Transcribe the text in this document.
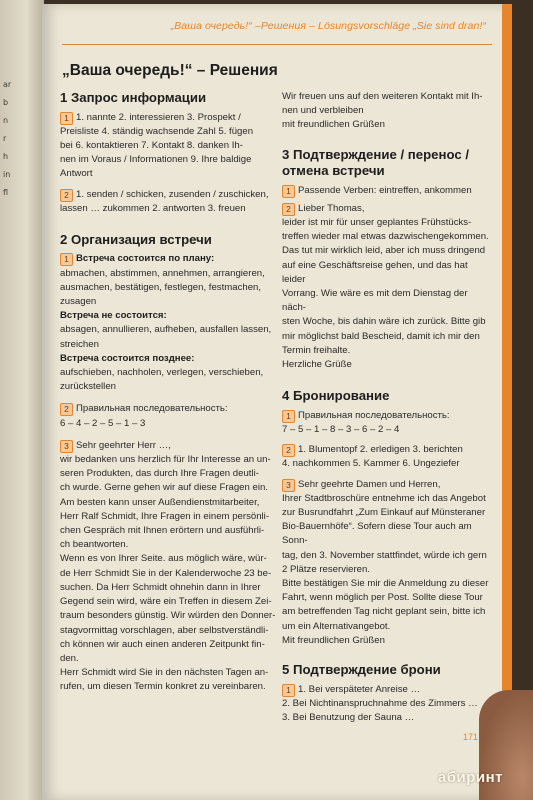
ar
b
n
r
h
in
fl
„Ваша очередь!“ –Решения – Lösungsvorschläge „Sie sind dran!“
„Ваша очередь!“ – Решения
1 Запрос информации

1 1. nannte 2. interessieren 3. Prospekt /

Preisliste 4. ständig wachsende Zahl 5. fügen

bei 6. kontaktieren 7. Kontakt 8. danken Ih-

nen im Voraus / Informationen 9. Ihre baldige

Antwort

2 1. senden / schicken, zusenden / zuschicken,

lassen … zukommen 2. antworten 3. freuen

2 Организация встречи

1 Встреча состоится по плану:

abmachen, abstimmen, annehmen, arrangieren,

ausmachen, bestätigen, festlegen, festmachen,

zusagen

Встреча не состоится:

absagen, annullieren, aufheben, ausfallen lassen,

streichen

Встреча состоится позднее:

aufschieben, nachholen, verlegen, verschieben,

zurückstellen

2 Правильная последовательность:

6 – 4 – 2 – 5 – 1 – 3

3 Sehr geehrter Herr …,

wir bedanken uns herzlich für Ihr Interesse an un-

seren Produkten, das durch Ihre Fragen deutli-

ch wurde. Gerne gehen wir auf diese Fragen ein.

Am besten kann unser Außendienstmitarbeiter,

Herr Ralf Schmidt, Ihre Fragen in einem persönli-

chen Gespräch mit Ihnen erörtern und ausführli-

ch beantworten.

Wenn es von Ihrer Seite. aus möglich wäre, wür-

de Herr Schmidt Sie in der Kalenderwoche 23 be-

suchen. Da Herr Schmidt ohnehin dann in Ihrer

Gegend sein wird, wäre ein Treffen in diesem Zei-

traum besonders günstig. Wir würden den Donner-

stagvormittag vorschlagen, aber selbstverständli-

ch können wir auch einen anderen Zeitpunkt fin-

den.

Herr Schmidt wird Sie in den nächsten Tagen an-

rufen, um diesen Termin konkret zu vereinbaren.

Wir freuen uns auf den weiteren Kontakt mit Ih-

nen und verbleiben

mit freundlichen Grüßen

3 Подтверждение / перенос / отмена встречи

1 Passende Verben: eintreffen, ankommen

2 Lieber Thomas,

leider ist mir für unser geplantes Frühstücks-

treffen wieder mal etwas dazwischengekommen.

Das tut mir wirklich leid, aber ich muss dringend

auf eine Geschäftsreise gehen, und das hat leider

Vorrang. Wie wäre es mit dem Dienstag der näch-

sten Woche, bis dahin wäre ich zurück. Bitte gib

mir möglichst bald Bescheid, damit ich mir den

Termin freihalte.

Herzliche Grüße

4 Бронирование

1 Правильная последовательность:

7 – 5 – 1 – 8 – 3 – 6 – 2 – 4

2 1. Blumentopf 2. erledigen 3. berichten

4. nachkommen 5. Kammer 6. Ungeziefer

3 Sehr geehrte Damen und Herren,

Ihrer Stadtbroschüre entnehme ich das Angebot

zur Busrundfahrt „Zum Einkauf auf Münsteraner

Bio-Bauernhöfe“. Sofern diese Tour auch am Sonn-

tag, den 3. November stattfindet, würde ich gern

2 Plätze reservieren.

Bitte bestätigen Sie mir die Anmeldung zu dieser

Fahrt, wenn möglich per Post. Sollte diese Tour

am betreffenden Tag nicht geplant sein, bitte ich

um ein Alternativangebot.

Mit freundlichen Grüßen

5 Подтверждение брони

1 1. Bei verspäteter Anreise …

2. Bei Nichtinanspruchnahme des Zimmers …

3. Bei Benutzung der Sauna …

171
абиринт
